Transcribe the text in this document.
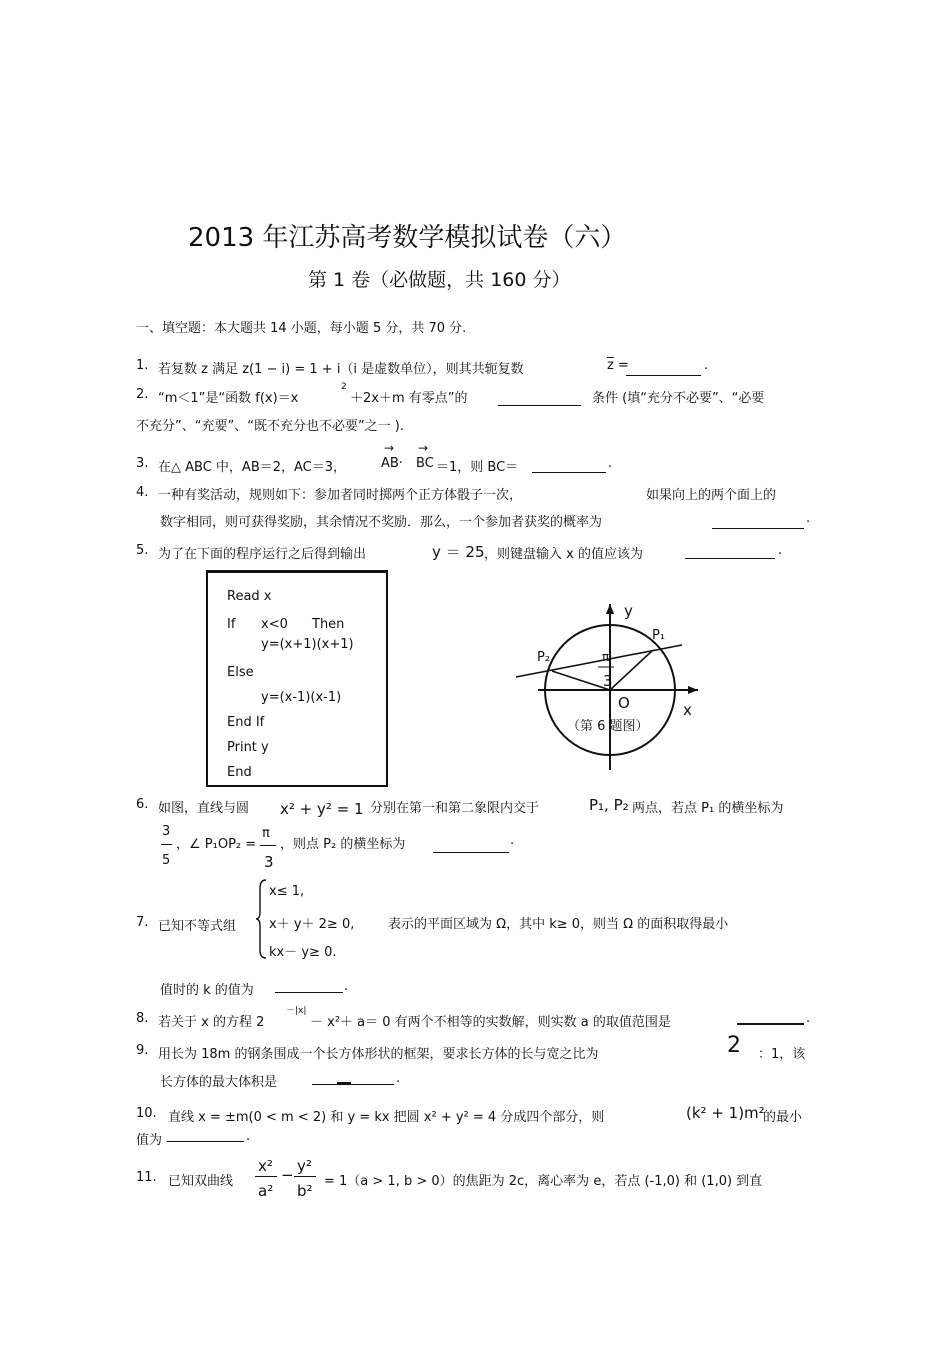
2013 年江苏高考数学模拟试卷（六）
第 1 卷（必做题，共 160 分）
一、填空题：本大题共 14 小题，每小题 5 分，共 70 分.
1. 若复数 z 满足 z(1 − i) = 1 + i（i 是虚数单位），则其共轭复数	$\overline{z}$ =	.
2. “m＜1”是“函数 f(x)＝x
2
＋2x＋m 有零点”的	条件 (填“充分不必要”、“必要
不充分”、“充要”、“既不充分也不必要”之一 ).
3. 在△ ABC 中，AB＝2，AC＝3，
→
AB·
→
BC ＝1，则 BC＝	.
4. 一种有奖活动，规则如下：参加者同时掷两个正方体骰子一次，	如果向上的两个面上的
数字相同，则可获得奖励，其余情况不奖励．那么，一个参加者获奖的概率为	.
5. 为了在下面的程序运行之后得到输出	y ＝ 25 ，则键盘输入 x 的值应该为	.
Read x
If x<0 Then
y=(x+1)(x+1)
Else
y=(x-1)(x-1)
End If
Print y
End
y
x
O
P₁
P₂	π
3
（第 6 题图）
6. 如图，直线与圆 x² + y² = 1 分别在第一和第二象限内交于	P₁, P₂ 两点，若点 P₁ 的横坐标为
3
5
，∠ P₁OP₂ =
π
3
，则点 P₂ 的横坐标为	.
7. 已知不等式组
x≤ 1,
x＋ y＋ 2≥ 0,
kx－ y≥ 0.
表示的平面区域为 Ω，其中 k≥ 0，则当 Ω 的面积取得最小
值时的 k 的值为	.
8. 若关于 x 的方程 2
－|x|
－ x²＋ a＝ 0 有两个不相等的实数解，则实数 a 的取值范围是	.
9. 用长为 18m 的钢条围成一个长方体形状的框架，要求长方体的长与宽之比为	2 ：1，该
长方体的最大体积是	.
10. 直线 x = ±m(0 < m < 2) 和 y = kx 把圆 x² + y² = 4 分成四个部分，则	(k² + 1)m²
的最小
值为	.
11. 已知双曲线
x²
a²
− y²
b²
= 1（a > 1, b > 0）的焦距为 2c，离心率为 e，若点 (-1,0) 和 (1,0) 到直
